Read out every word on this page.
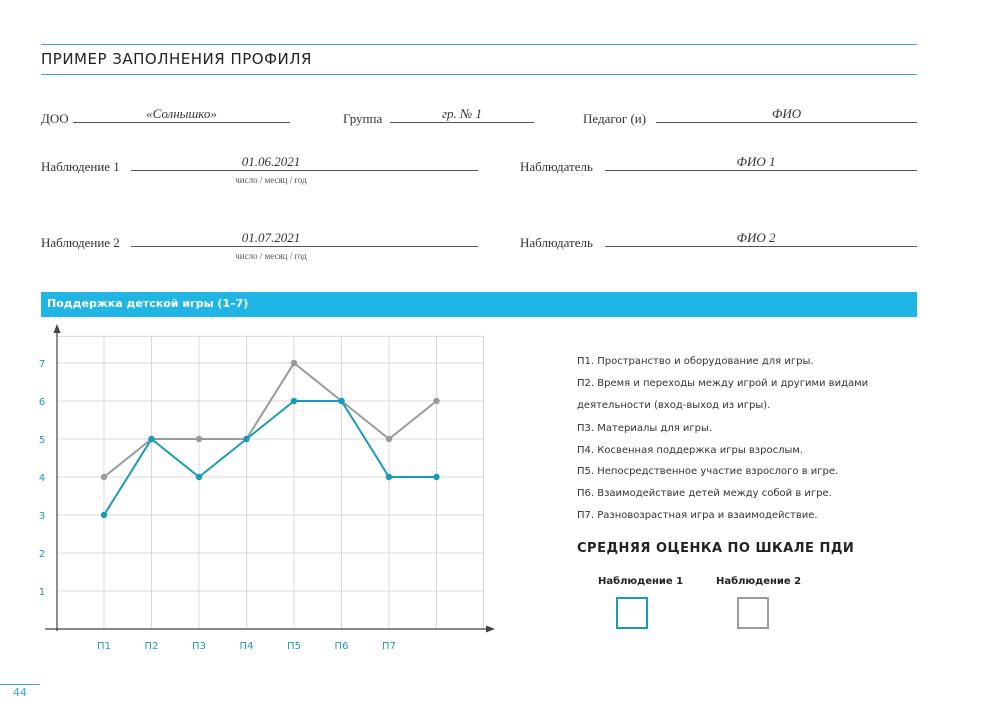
ПРИМЕР ЗАПОЛНЕНИЯ ПРОФИЛЯ
ДОО	«Солнышко»	Группа	гр. № 1	Педагог (и)	ФИО
Наблюдение 1	01.06.2021
число / месяц / год
Наблюдатель	ФИО 1
Наблюдение 2	01.07.2021
число / месяц / год
Наблюдатель	ФИО 2
Поддержка детской игры (1–7)
1
2
3
4
5
6
7
П1	П2	П3	П4	П5	П6	П7
П1. Пространство и оборудование для игры.
П2. Время и переходы между игрой и другими видами
деятельности (вход-выход из игры).
П3. Материалы для игры.
П4. Косвенная поддержка игры взрослым.
П5. Непосредственное участие взрослого в игре.
П6. Взаимодействие детей между собой в игре.
П7. Разновозрастная игра и взаимодействие.
СРЕДНЯЯ ОЦЕНКА ПО ШКАЛЕ ПДИ
Наблюдение 1	Наблюдение 2
44
